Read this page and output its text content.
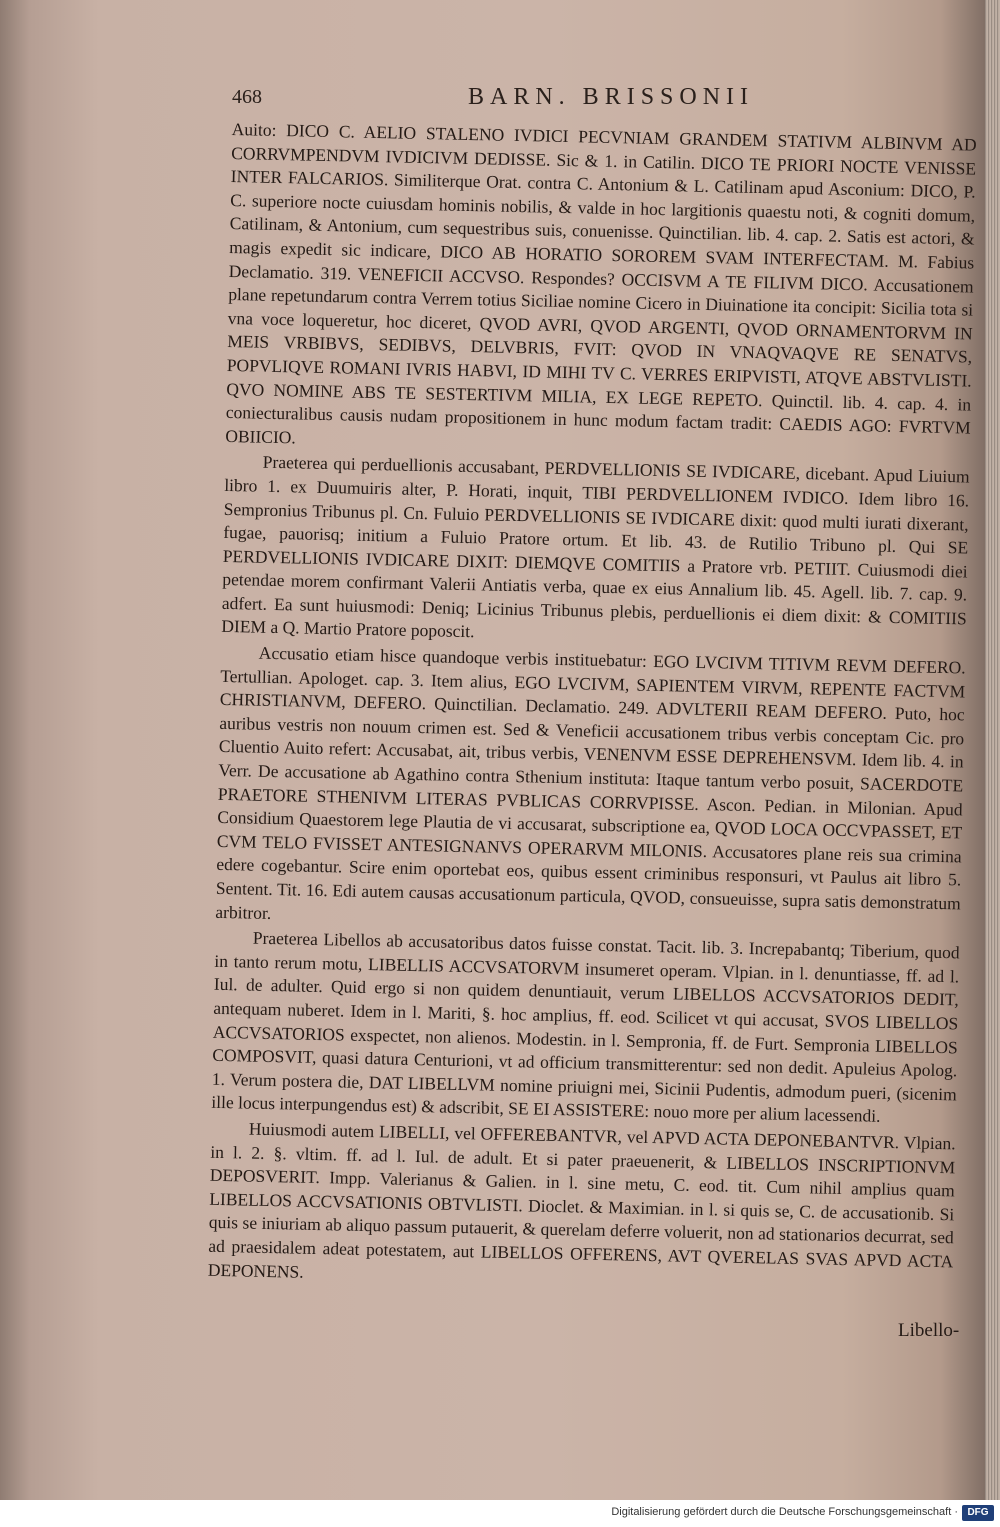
468	BARN. BRISSONII

Auito: DICO C. AELIO STALENO IVDICI PECVNIAM GRANDEM STATIVM ALBINVM AD CORRVMPENDVM IVDICIVM DEDISSE. Sic & 1. in Catilin. DICO TE PRIORI NOCTE VENISSE INTER FALCARIOS. Similiterque Orat. contra C. Antonium & L. Catilinam apud Asconium: DICO, P. C. superiore nocte cuiusdam hominis nobilis, & valde in hoc largitionis quaestu noti, & cogniti domum, Catilinam, & Antonium, cum sequestribus suis, conuenisse. Quinctilian. lib. 4. cap. 2. Satis est actori, & magis expedit sic indicare, DICO AB HORATIO SOROREM SVAM INTERFECTAM. M. Fabius Declamatio. 319. VENEFICII ACCVSO. Respondes? OCCISVM A TE FILIVM DICO. Accusationem plane repetundarum contra Verrem totius Siciliae nomine Cicero in Diuinatione ita concipit: Sicilia tota si vna voce loqueretur, hoc diceret, QVOD AVRI, QVOD ARGENTI, QVOD ORNAMENTORVM IN MEIS VRBIBVS, SEDIBVS, DELVBRIS, FVIT: QVOD IN VNAQVAQVE RE SENATVS, POPVLIQVE ROMANI IVRIS HABVI, ID MIHI TV C. VERRES ERIPVISTI, ATQVE ABSTVLISTI. QVO NOMINE ABS TE SESTERTIVM MILIA, EX LEGE REPETO. Quinctil. lib. 4. cap. 4. in coniecturalibus causis nudam propositionem in hunc modum factam tradit: CAEDIS AGO: FVRTVM OBIICIO.

Praeterea qui perduellionis accusabant, PERDVELLIONIS SE IVDICARE, dicebant. Apud Liuium libro 1. ex Duumuiris alter, P. Horati, inquit, TIBI PERDVELLIONEM IVDICO. Idem libro 16. Sempronius Tribunus pl. Cn. Fuluio PERDVELLIONIS SE IVDICARE dixit: quod multi iurati dixerant, fugae, pauorisq; initium a Fuluio Pratore ortum. Et lib. 43. de Rutilio Tribuno pl. Qui SE PERDVELLIONIS IVDICARE DIXIT: DIEMQVE COMITIIS a Pratore vrb. PETIIT. Cuiusmodi diei petendae morem confirmant Valerii Antiatis verba, quae ex eius Annalium lib. 45. Agell. lib. 7. cap. 9. adfert. Ea sunt huiusmodi: Deniq; Licinius Tribunus plebis, perduellionis ei diem dixit: & COMITIIS DIEM a Q. Martio Pratore poposcit.

Accusatio etiam hisce quandoque verbis instituebatur: EGO LVCIVM TITIVM REVM DEFERO. Tertullian. Apologet. cap. 3. Item alius, EGO LVCIVM, SAPIENTEM VIRVM, REPENTE FACTVM CHRISTIANVM, DEFERO. Quinctilian. Declamatio. 249. ADVLTERII REAM DEFERO. Puto, hoc auribus vestris non nouum crimen est. Sed & Veneficii accusationem tribus verbis conceptam Cic. pro Cluentio Auito refert: Accusabat, ait, tribus verbis, VENENVM ESSE DEPREHENSVM. Idem lib. 4. in Verr. De accusatione ab Agathino contra Sthenium instituta: Itaque tantum verbo posuit, SACERDOTE PRAETORE STHENIVM LITERAS PVBLICAS CORRVPISSE. Ascon. Pedian. in Milonian. Apud Considium Quaestorem lege Plautia de vi accusarat, subscriptione ea, QVOD LOCA OCCVPASSET, ET CVM TELO FVISSET ANTESIGNANVS OPERARVM MILONIS. Accusatores plane reis sua crimina edere cogebantur. Scire enim oportebat eos, quibus essent criminibus responsuri, vt Paulus ait libro 5. Sentent. Tit. 16. Edi autem causas accusationum particula, QVOD, consueuisse, supra satis demonstratum arbitror.

Praeterea Libellos ab accusatoribus datos fuisse constat. Tacit. lib. 3. Increpabantq; Tiberium, quod in tanto rerum motu, LIBELLIS ACCVSATORVM insumeret operam. Vlpian. in l. denuntiasse, ff. ad l. Iul. de adulter. Quid ergo si non quidem denuntiauit, verum LIBELLOS ACCVSATORIOS DEDIT, antequam nuberet. Idem in l. Mariti, §. hoc amplius, ff. eod. Scilicet vt qui accusat, SVOS LIBELLOS ACCVSATORIOS exspectet, non alienos. Modestin. in l. Sempronia, ff. de Furt. Sempronia LIBELLOS COMPOSVIT, quasi datura Centurioni, vt ad officium transmitterentur: sed non dedit. Apuleius Apolog. 1. Verum postera die, DAT LIBELLVM nomine priuigni mei, Sicinii Pudentis, admodum pueri, (sicenim ille locus interpungendus est) & adscribit, SE EI ASSISTERE: nouo more per alium lacessendi.

Huiusmodi autem LIBELLI, vel OFFEREBANTVR, vel APVD ACTA DEPONEBANTVR. Vlpian. in l. 2. §. vltim. ff. ad l. Iul. de adult. Et si pater praeuenerit, & LIBELLOS INSCRIPTIONVM DEPOSVERIT. Impp. Valerianus & Galien. in l. sine metu, C. eod. tit. Cum nihil amplius quam LIBELLOS ACCVSATIONIS OBTVLISTI. Dioclet. & Maximian. in l. si quis se, C. de accusationib. Si quis se iniuriam ab aliquo passum putauerit, & querelam deferre voluerit, non ad stationarios decurrat, sed ad praesidalem adeat potestatem, aut LIBELLOS OFFERENS, AVT QVERELAS SVAS APVD ACTA DEPONENS.

Libello-
Digitalisierung gefördert durch die Deutsche Forschungsgemeinschaft · DFG
